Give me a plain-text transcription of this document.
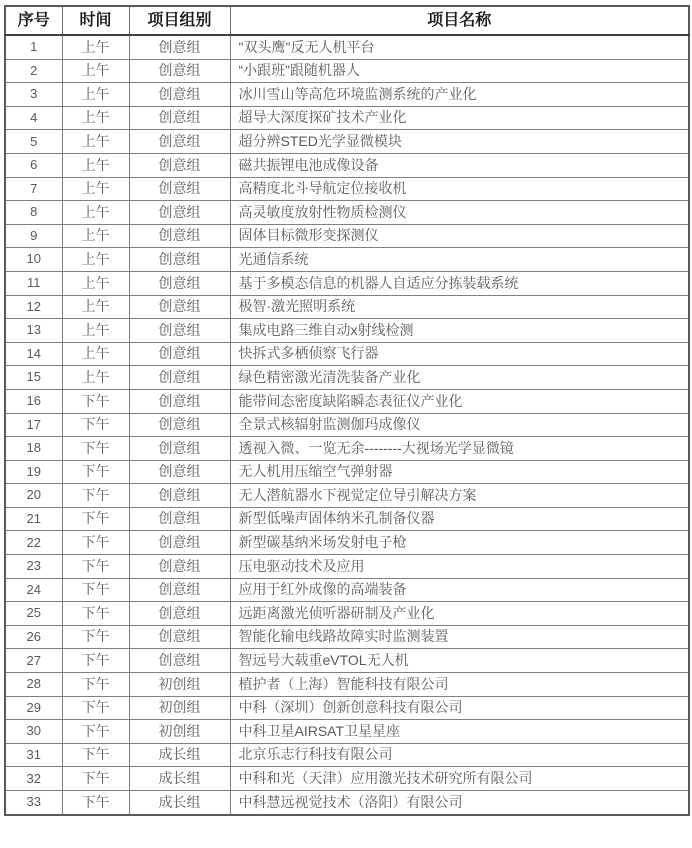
序号	时间	项目组别	项目名称
1	上午	创意组	"双头鹰"反无人机平台
2	上午	创意组	“小跟班”跟随机器人
3	上午	创意组	冰川雪山等高危环境监测系统的产业化
4	上午	创意组	超导大深度探矿技术产业化
5	上午	创意组	超分辨STED光学显微模块
6	上午	创意组	磁共振锂电池成像设备
7	上午	创意组	高精度北斗导航定位接收机
8	上午	创意组	高灵敏度放射性物质检测仪
9	上午	创意组	固体目标微形变探测仪
10	上午	创意组	光通信系统
11	上午	创意组	基于多模态信息的机器人自适应分拣装载系统
12	上午	创意组	极智·激光照明系统
13	上午	创意组	集成电路三维自动x射线检测
14	上午	创意组	快拆式多栖侦察飞行器
15	上午	创意组	绿色精密激光清洗装备产业化
16	下午	创意组	能带间态密度缺陷瞬态表征仪产业化
17	下午	创意组	全景式核辐射监测伽玛成像仪
18	下午	创意组	透视入微、一览无余--------大视场光学显微镜
19	下午	创意组	无人机用压缩空气弹射器
20	下午	创意组	无人潜航器水下视觉定位导引解决方案
21	下午	创意组	新型低噪声固体纳米孔制备仪器
22	下午	创意组	新型碳基纳米场发射电子枪
23	下午	创意组	压电驱动技术及应用
24	下午	创意组	应用于红外成像的高端装备
25	下午	创意组	远距离激光侦听器研制及产业化
26	下午	创意组	智能化输电线路故障实时监测装置
27	下午	创意组	智远号大载重eVTOL无人机
28	下午	初创组	植护者（上海）智能科技有限公司
29	下午	初创组	中科（深圳）创新创意科技有限公司
30	下午	初创组	中科卫星AIRSAT卫星星座
31	下午	成长组	北京乐志行科技有限公司
32	下午	成长组	中科和光（天津）应用激光技术研究所有限公司
33	下午	成长组	中科慧远视觉技术（洛阳）有限公司
